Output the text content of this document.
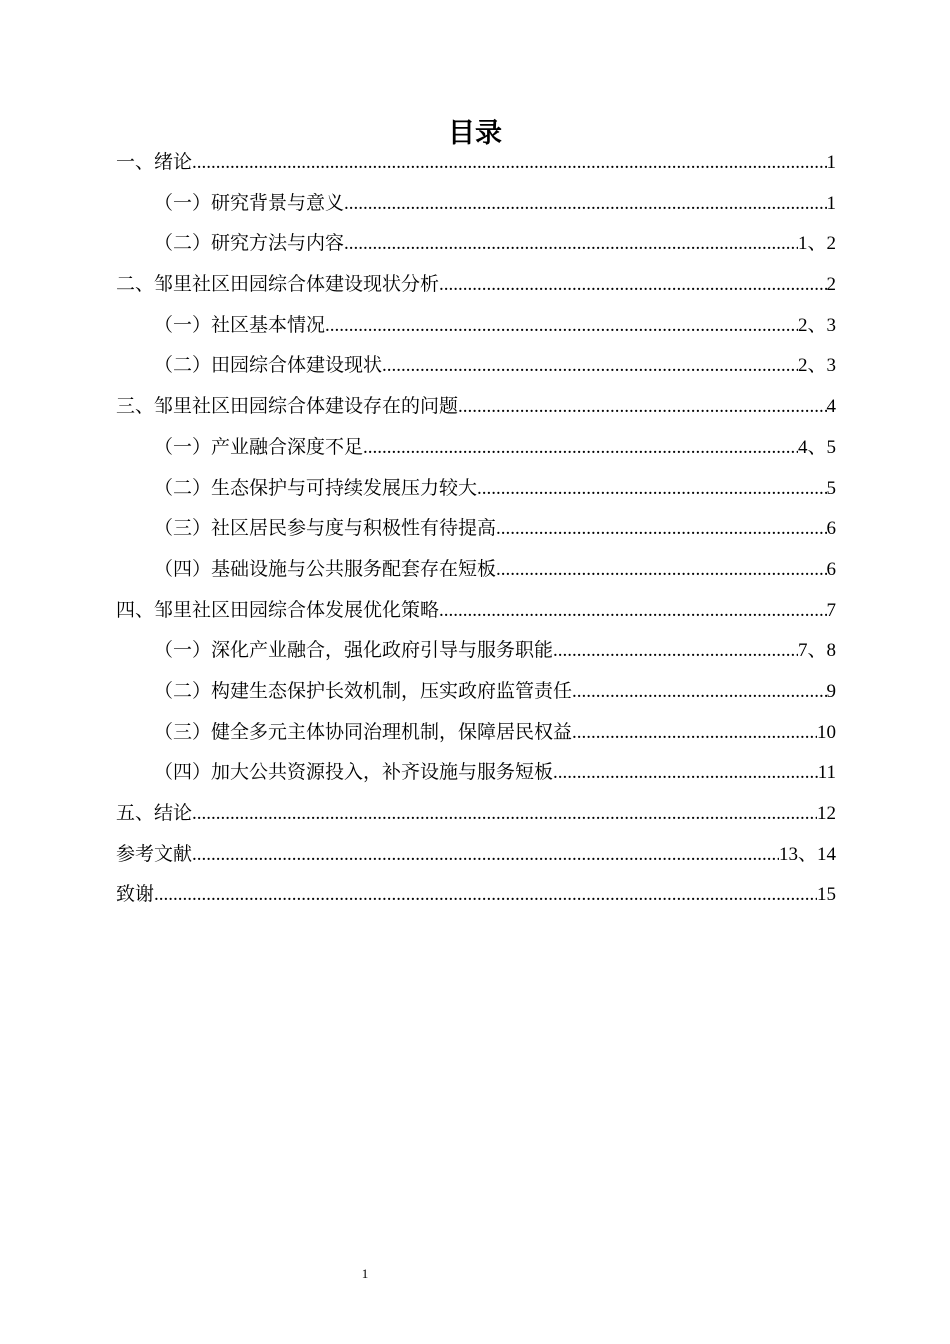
目录
一、绪论 .....	1
（一）研究背景与意义 .....	1
（二）研究方法与内容 .....	1、2
二、邹里社区田园综合体建设现状分析 .....	2
（一）社区基本情况 .....	2、3
（二）田园综合体建设现状 .....	2、3
三、邹里社区田园综合体建设存在的问题 .....	4
（一）产业融合深度不足 .....	4、5
（二）生态保护与可持续发展压力较大 .....	5
（三）社区居民参与度与积极性有待提高 .....	6
（四）基础设施与公共服务配套存在短板 .....	6
四、邹里社区田园综合体发展优化策略 .....	7
（一）深化产业融合，强化政府引导与服务职能 .....	7、8
（二）构建生态保护长效机制，压实政府监管责任 .....	9
（三）健全多元主体协同治理机制，保障居民权益 .....	10
（四）加大公共资源投入，补齐设施与服务短板 .....	11
五、结论 .....	12
参考文献 .....	13、14
致谢 .....	15
1
